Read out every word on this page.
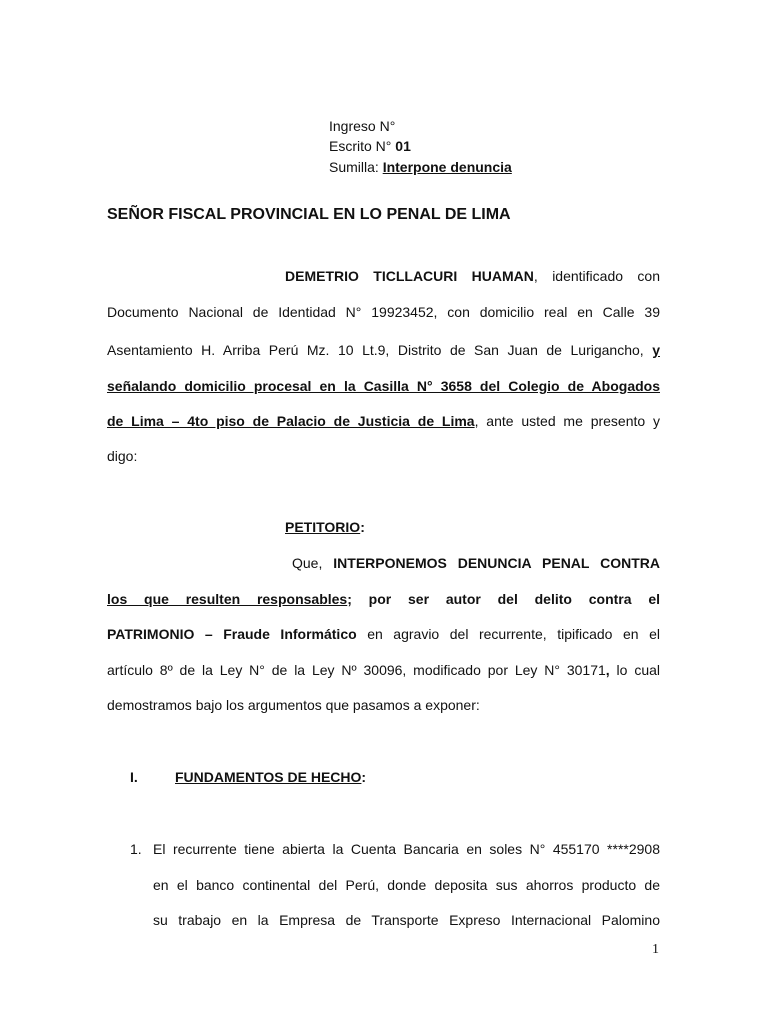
Ingreso N°
Escrito N° 01
Sumilla: Interpone denuncia
SEÑOR FISCAL PROVINCIAL EN LO PENAL DE LIMA
DEMETRIO TICLLACURI HUAMAN, identificado con
Documento Nacional de Identidad N° 19923452, con domicilio real en Calle 39
Asentamiento H. Arriba Perú Mz. 10 Lt.9, Distrito de San Juan de Lurigancho, y
señalando domicilio procesal en la Casilla N° 3658 del Colegio de Abogados
de Lima – 4to piso de Palacio de Justicia de Lima, ante usted me presento y
digo:
PETITORIO:
Que, INTERPONEMOS DENUNCIA PENAL CONTRA
los que resulten responsables; por ser autor del delito contra el
PATRIMONIO – Fraude Informático en agravio del recurrente, tipificado en el
artículo 8º de la Ley N° de la Ley Nº 30096, modificado por Ley N° 30171, lo cual
demostramos bajo los argumentos que pasamos a exponer:
I.	FUNDAMENTOS DE HECHO:
1. El recurrente tiene abierta la Cuenta Bancaria en soles N° 455170 ****2908
en el banco continental del Perú, donde deposita sus ahorros producto de
su trabajo en la Empresa de Transporte Expreso Internacional Palomino
1
